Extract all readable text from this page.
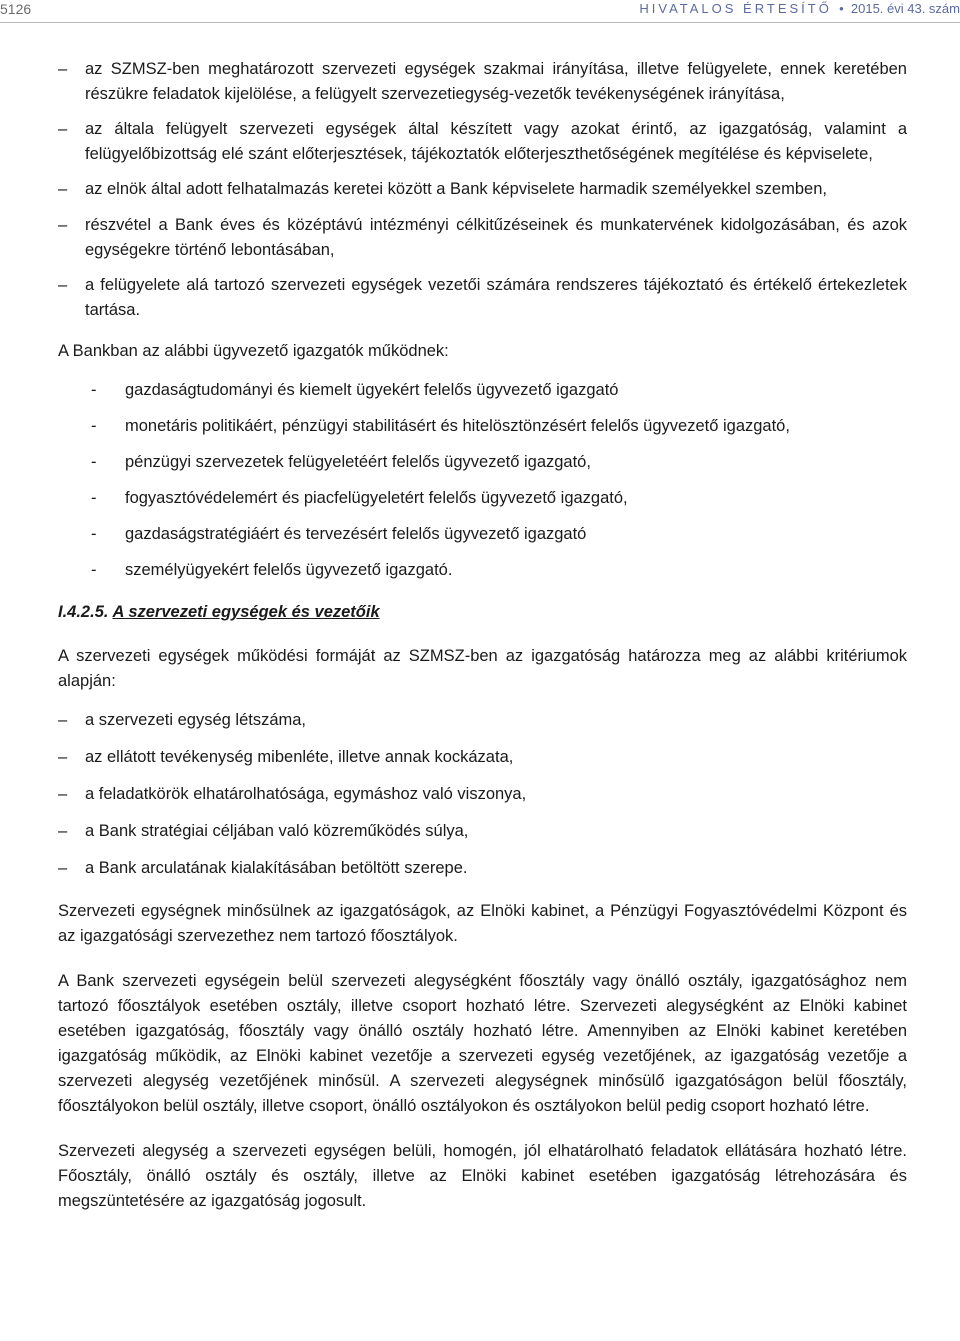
5126	HIVATALOS ÉRTESÍTŐ • 2015. évi 43. szám
– az SZMSZ-ben meghatározott szervezeti egységek szakmai irányítása, illetve felügyelete, ennek keretében részükre feladatok kijelölése, a felügyelt szervezetiegység-vezetők tevékenységének irányítása,
– az általa felügyelt szervezeti egységek által készített vagy azokat érintő, az igazgatóság, valamint a felügyelőbizottság elé szánt előterjesztések, tájékoztatók előterjeszthetőségének megítélése és képviselete,
– az elnök által adott felhatalmazás keretei között a Bank képviselete harmadik személyekkel szemben,
– részvétel a Bank éves és középtávú intézményi célkitűzéseinek és munkatervének kidolgozásában, és azok egységekre történő lebontásában,
– a felügyelete alá tartozó szervezeti egységek vezetői számára rendszeres tájékoztató és értékelő értekezletek tartása.
A Bankban az alábbi ügyvezető igazgatók működnek:
- gazdaságtudományi és kiemelt ügyekért felelős ügyvezető igazgató
- monetáris politikáért, pénzügyi stabilitásért és hitelösztönzésért felelős ügyvezető igazgató,
- pénzügyi szervezetek felügyeletéért felelős ügyvezető igazgató,
- fogyasztóvédelemért és piacfelügyeletért felelős ügyvezető igazgató,
- gazdaságstratégiáért és tervezésért felelős ügyvezető igazgató
- személyügyekért felelős ügyvezető igazgató.
I.4.2.5. A szervezeti egységek és vezetőik
A szervezeti egységek működési formáját az SZMSZ-ben az igazgatóság határozza meg az alábbi kritériumok alapján:
– a szervezeti egység létszáma,
– az ellátott tevékenység mibenléte, illetve annak kockázata,
– a feladatkörök elhatárolhatósága, egymáshoz való viszonya,
– a Bank stratégiai céljában való közreműködés súlya,
– a Bank arculatának kialakításában betöltött szerepe.
Szervezeti egységnek minősülnek az igazgatóságok, az Elnöki kabinet, a Pénzügyi Fogyasztóvédelmi Központ és az igazgatósági szervezethez nem tartozó főosztályok.
A Bank szervezeti egységein belül szervezeti alegységként főosztály vagy önálló osztály, igazgatósághoz nem tartozó főosztályok esetében osztály, illetve csoport hozható létre. Szervezeti alegységként az Elnöki kabinet esetében igazgatóság, főosztály vagy önálló osztály hozható létre. Amennyiben az Elnöki kabinet keretében igazgatóság működik, az Elnöki kabinet vezetője a szervezeti egység vezetőjének, az igazgatóság vezetője a szervezeti alegység vezetőjének minősül. A szervezeti alegységnek minősülő igazgatóságon belül főosztály, főosztályokon belül osztály, illetve csoport, önálló osztályokon és osztályokon belül pedig csoport hozható létre.
Szervezeti alegység a szervezeti egységen belüli, homogén, jól elhatárolható feladatok ellátására hozható létre. Főosztály, önálló osztály és osztály, illetve az Elnöki kabinet esetében igazgatóság létrehozására és megszüntetésére az igazgatóság jogosult.
